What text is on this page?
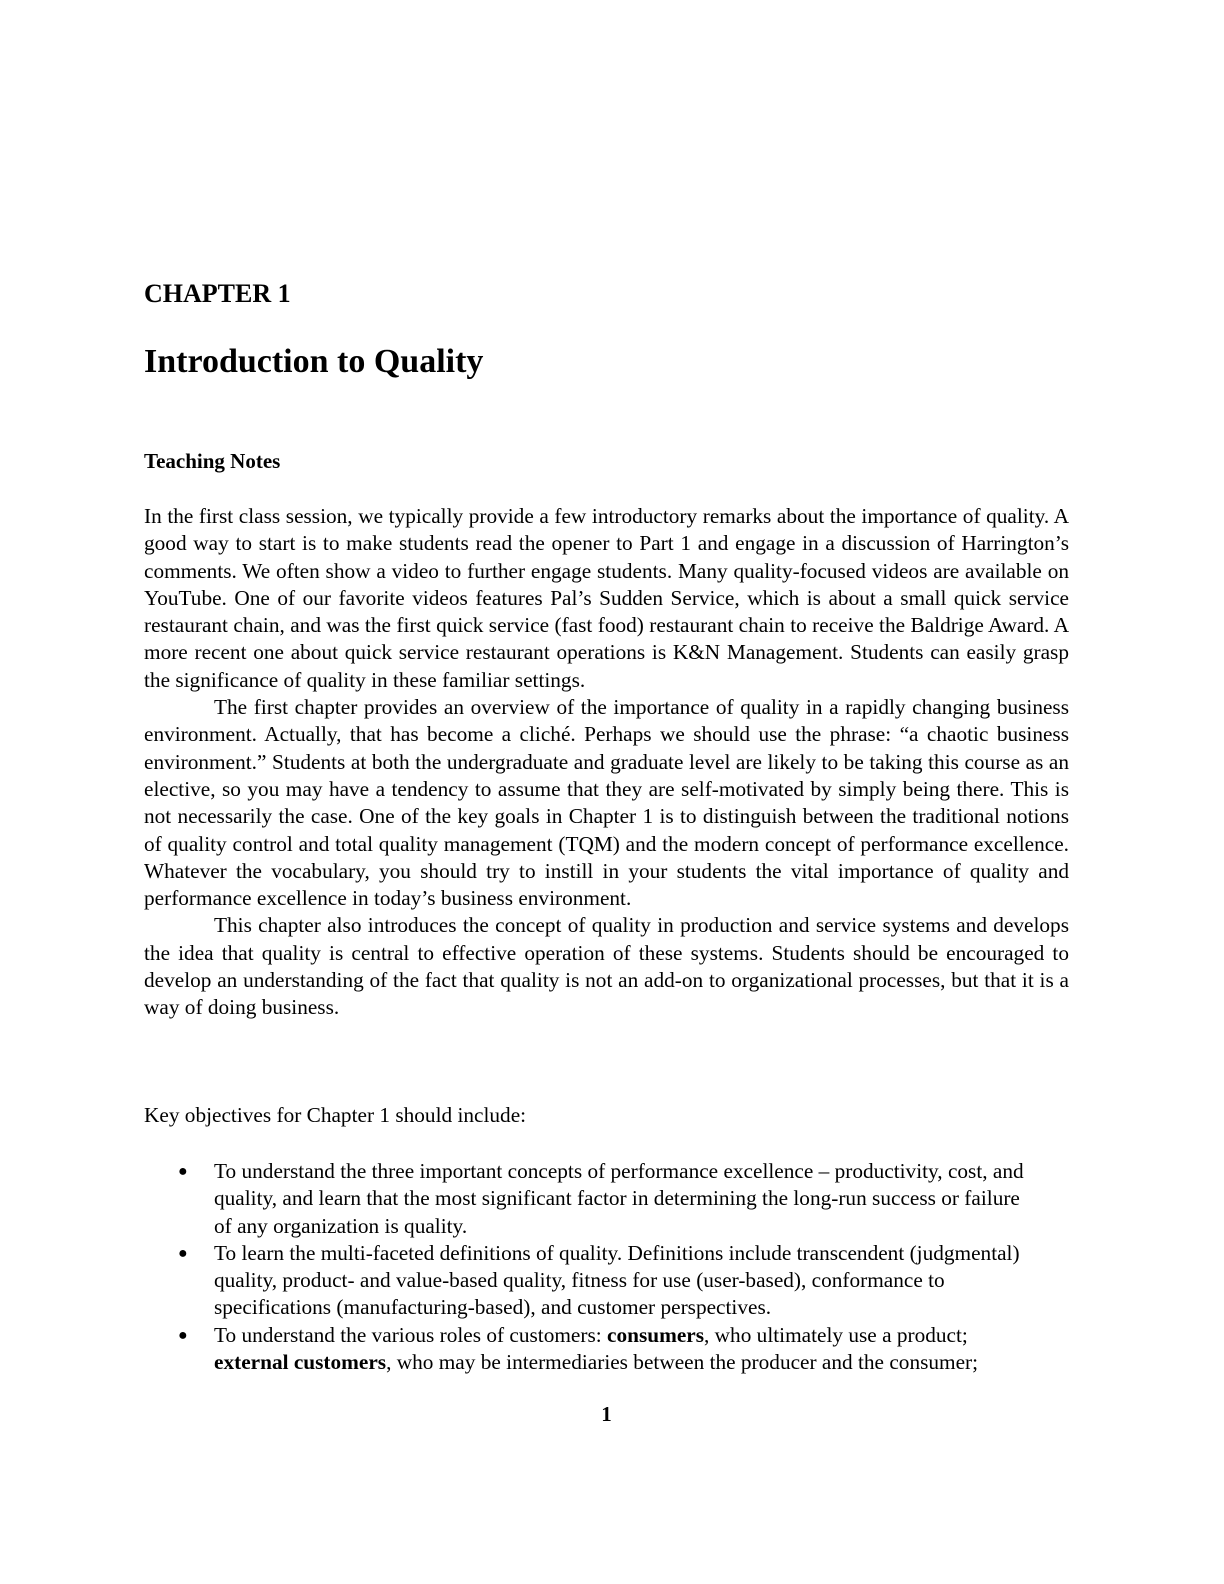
CHAPTER 1
Introduction to Quality
Teaching Notes

In the first class session, we typically provide a few introductory remarks about the importance of quality. A good way to start is to make students read the opener to Part 1 and engage in a discussion of Harrington’s comments. We often show a video to further engage students. Many quality-focused videos are available on YouTube. One of our favorite videos features Pal’s Sudden Service, which is about a small quick service restaurant chain, and was the first quick service (fast food) restaurant chain to receive the Baldrige Award. A more recent one about quick service restaurant operations is K&N Management. Students can easily grasp the significance of quality in these familiar settings.

The first chapter provides an overview of the importance of quality in a rapidly changing business environment. Actually, that has become a cliché. Perhaps we should use the phrase: “a chaotic business environment.” Students at both the undergraduate and graduate level are likely to be taking this course as an elective, so you may have a tendency to assume that they are self-motivated by simply being there. This is not necessarily the case. One of the key goals in Chapter 1 is to distinguish between the traditional notions of quality control and total quality management (TQM) and the modern concept of performance excellence. Whatever the vocabulary, you should try to instill in your students the vital importance of quality and performance excellence in today’s business environment.

This chapter also introduces the concept of quality in production and service systems and develops the idea that quality is central to effective operation of these systems. Students should be encouraged to develop an understanding of the fact that quality is not an add-on to organizational processes, but that it is a way of doing business.

Key objectives for Chapter 1 should include:
● To understand the three important concepts of performance excellence – productivity, cost, and quality, and learn that the most significant factor in determining the long-run success or failure of any organization is quality.
● To learn the multi-faceted definitions of quality. Definitions include transcendent (judgmental) quality, product- and value-based quality, fitness for use (user-based), conformance to specifications (manufacturing-based), and customer perspectives.
● To understand the various roles of customers: consumers, who ultimately use a product; external customers, who may be intermediaries between the producer and the consumer;
1
